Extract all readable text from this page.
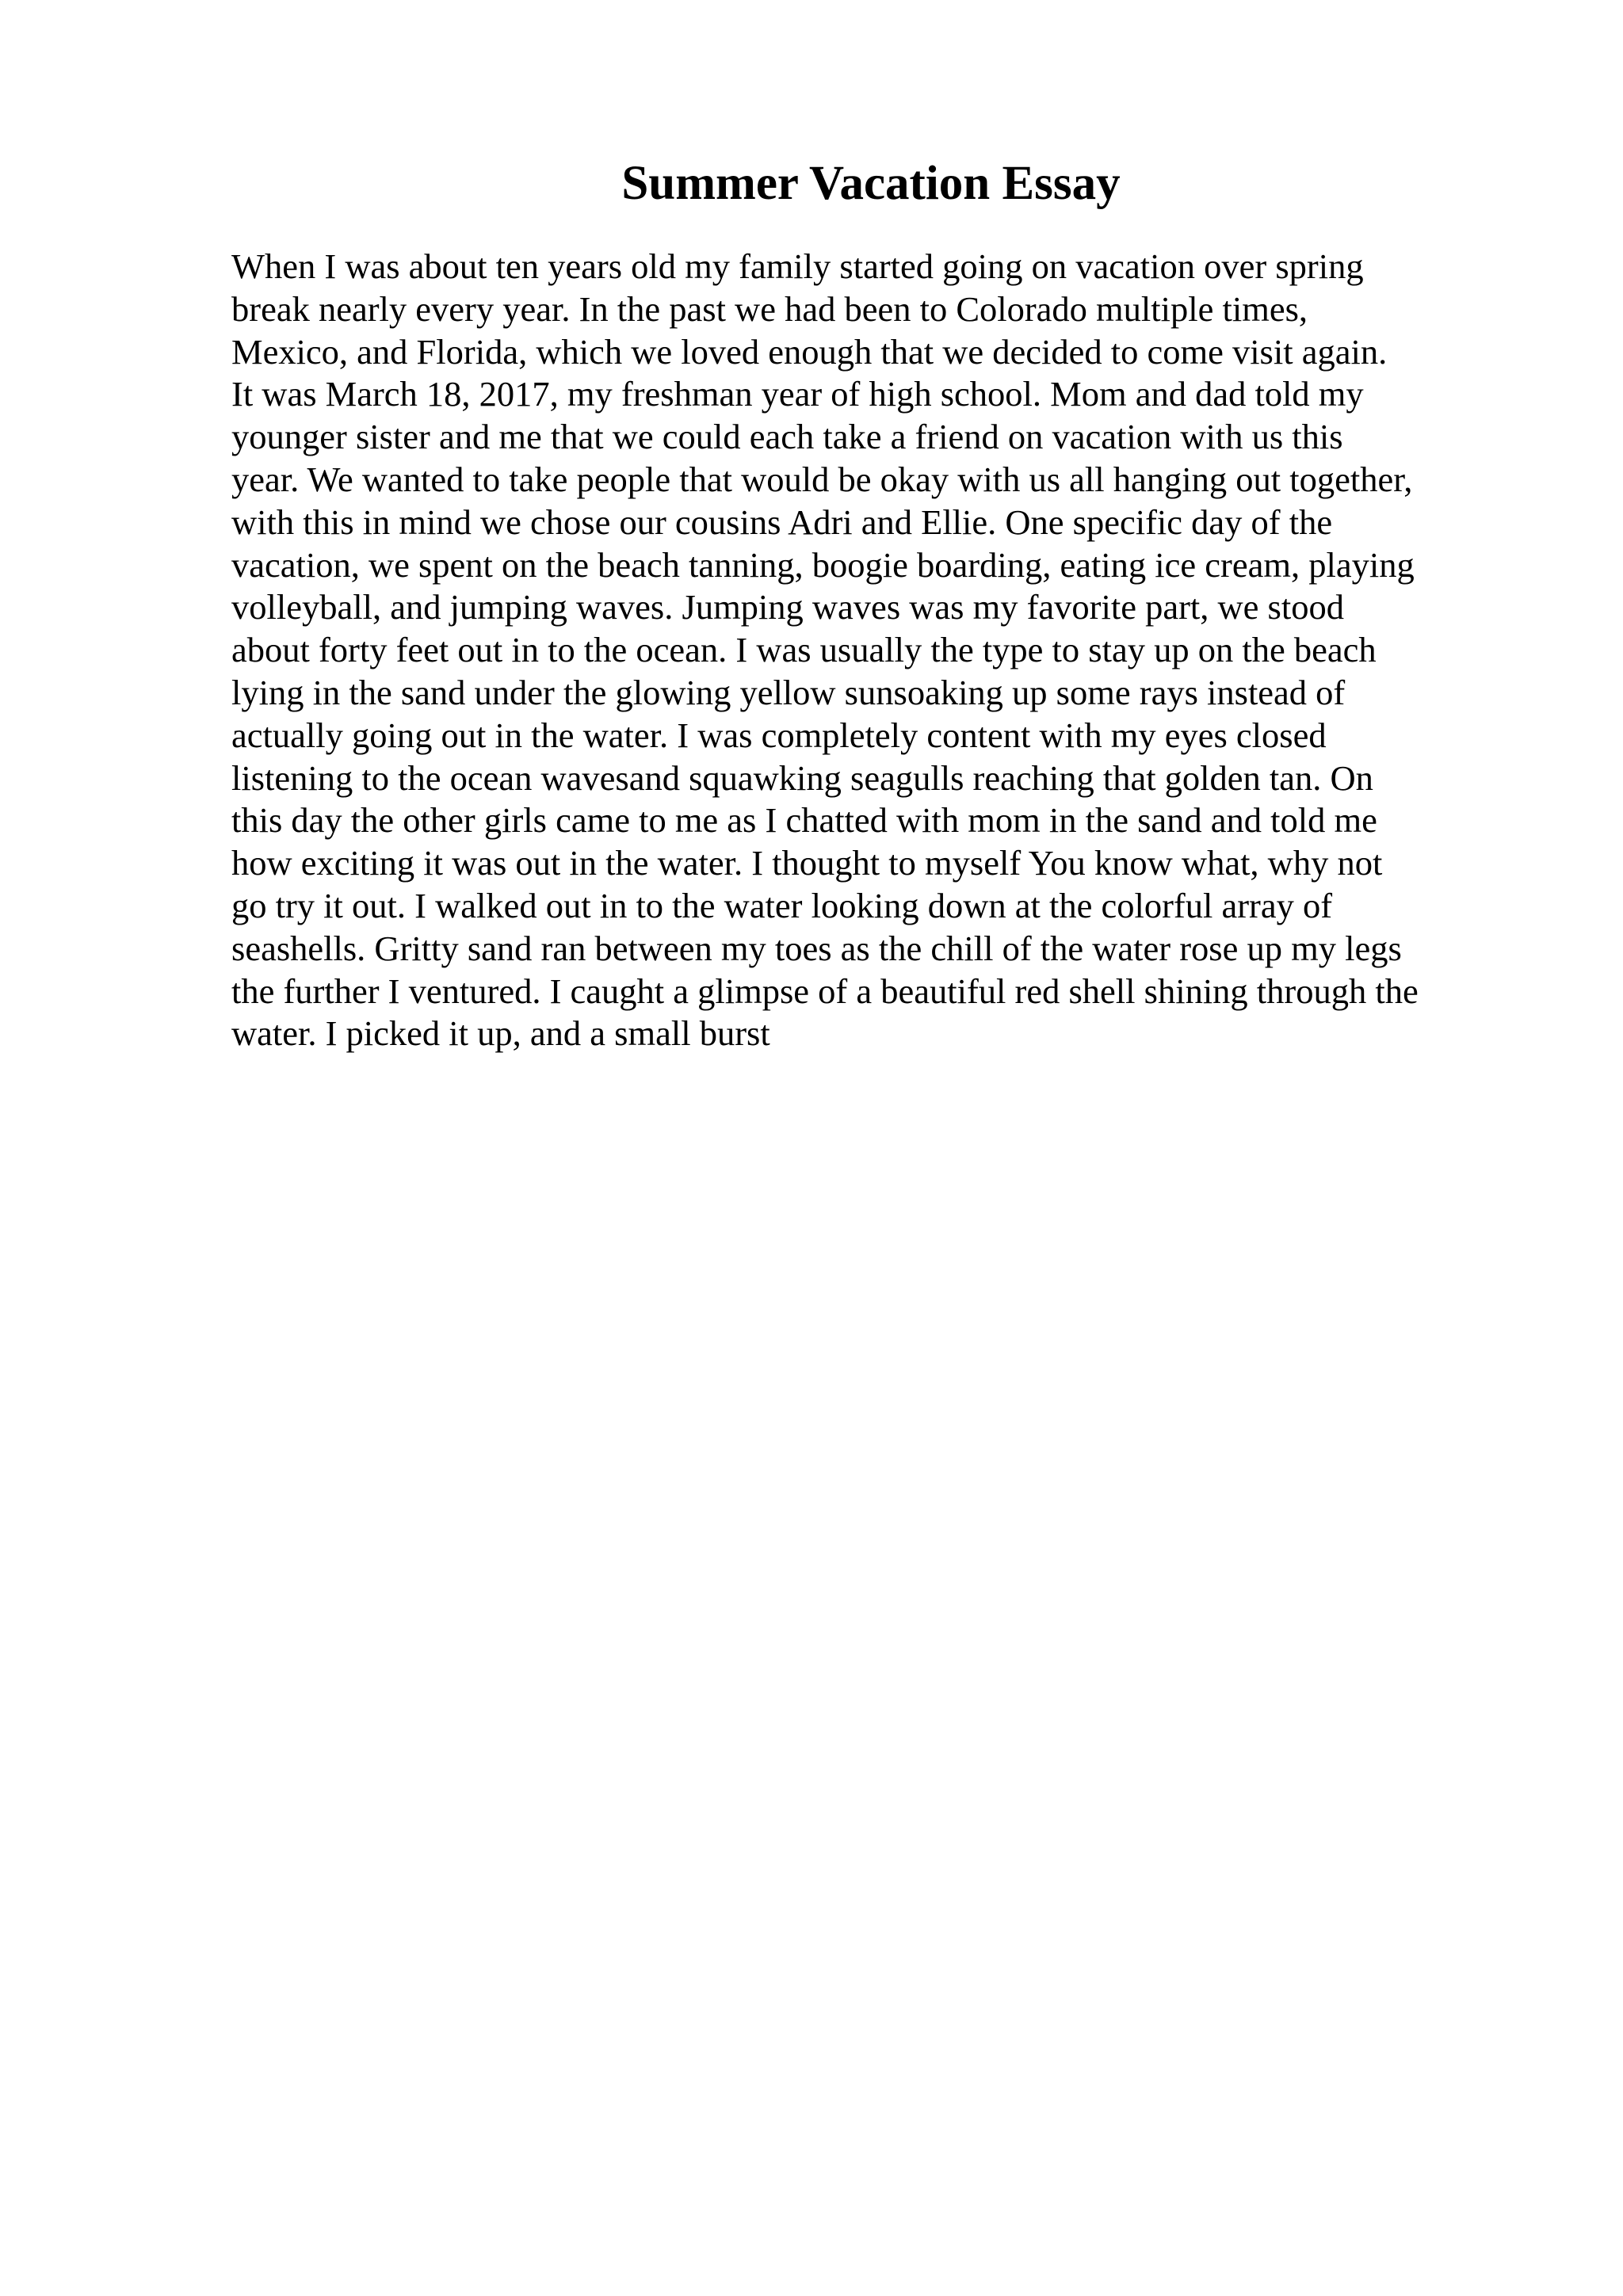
Summer Vacation Essay
When I was about ten years old my family started going on vacation over spring
break nearly every year. In the past we had been to Colorado multiple times,
Mexico, and Florida, which we loved enough that we decided to come visit again.
It was March 18, 2017, my freshman year of high school. Mom and dad told my
younger sister and me that we could each take a friend on vacation with us this
year. We wanted to take people that would be okay with us all hanging out together,
with this in mind we chose our cousins Adri and Ellie. One specific day of the
vacation, we spent on the beach tanning, boogie boarding, eating ice cream, playing
volleyball, and jumping waves. Jumping waves was my favorite part, we stood
about forty feet out in to the ocean. I was usually the type to stay up on the beach
lying in the sand under the glowing yellow sunsoaking up some rays instead of
actually going out in the water. I was completely content with my eyes closed
listening to the ocean wavesand squawking seagulls reaching that golden tan. On
this day the other girls came to me as I chatted with mom in the sand and told me
how exciting it was out in the water. I thought to myself You know what, why not
go try it out. I walked out in to the water looking down at the colorful array of
seashells. Gritty sand ran between my toes as the chill of the water rose up my legs
the further I ventured. I caught a glimpse of a beautiful red shell shining through the
water. I picked it up, and a small burst
